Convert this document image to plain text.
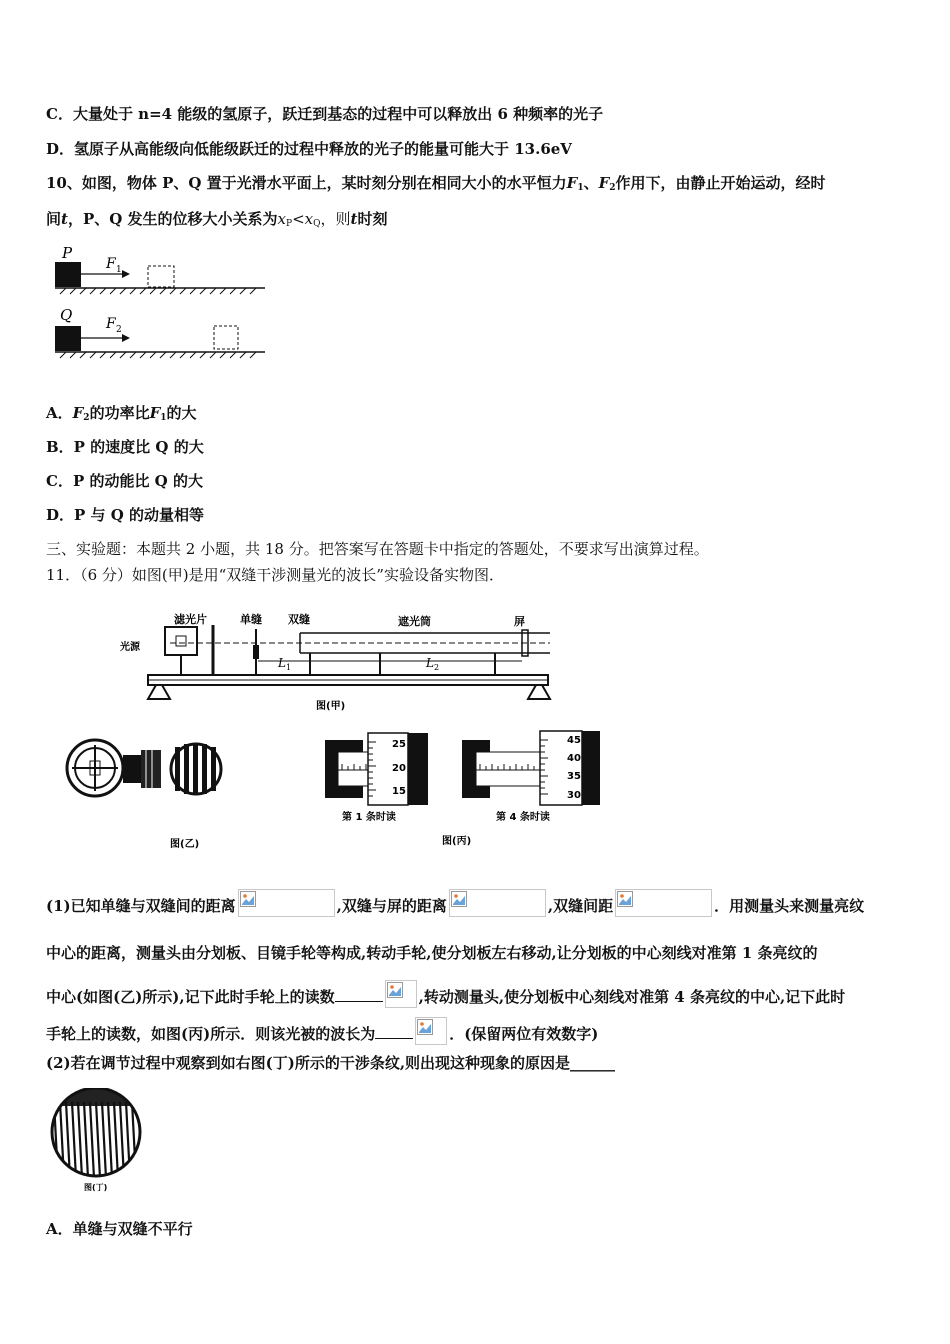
C．大量处于 n=4 能级的氢原子，跃迁到基态的过程中可以释放出 6 种频率的光子
D．氢原子从高能级向低能级跃迁的过程中释放的光子的能量可能大于 13.6eV
10、如图，物体 P、Q 置于光滑水平面上，某时刻分别在相同大小的水平恒力$F_1$、$F_2$作用下，由静止开始运动，经时
间t，P、Q 发生的位移大小关系为$x_P<x_Q$，则t时刻
P
F 1
Q F 2
A．$F_2$的功率比$F_1$的大
B．P 的速度比 Q 的大
C．P 的动能比 Q 的大
D．P 与 Q 的动量相等
三、实验题：本题共 2 小题，共 18 分。把答案写在答题卡中指定的答题处，不要求写出演算过程。
11．（6 分）如图(甲)是用“双缝干涉测量光的波长”实验设备实物图．
光源
滤光片	单缝 双缝	遮光筒	屏
L 1	L 2
图(甲)
图(乙)
25
20
15
第 1 条时读
45
40
35
30
第 4 条时读
图(丙)
(1)已知单缝与双缝间的距离	,双缝与屏的距离	,双缝间距	．用测量头来测量亮纹
中心的距离，测量头由分划板、目镜手轮等构成,转动手轮,使分划板左右移动,让分划板的中心刻线对准第 1 条亮纹的
中心(如图(乙)所示),记下此时手轮上的读数	,转动测量头,使分划板中心刻线对准第 4 条亮纹的中心,记下此时
手轮上的读数，如图(丙)所示．则该光被的波长为	．(保留两位有效数字)
(2)若在调节过程中观察到如右图(丁)所示的干涉条纹,则出现这种现象的原因是______
图(丁)
A．单缝与双缝不平行
